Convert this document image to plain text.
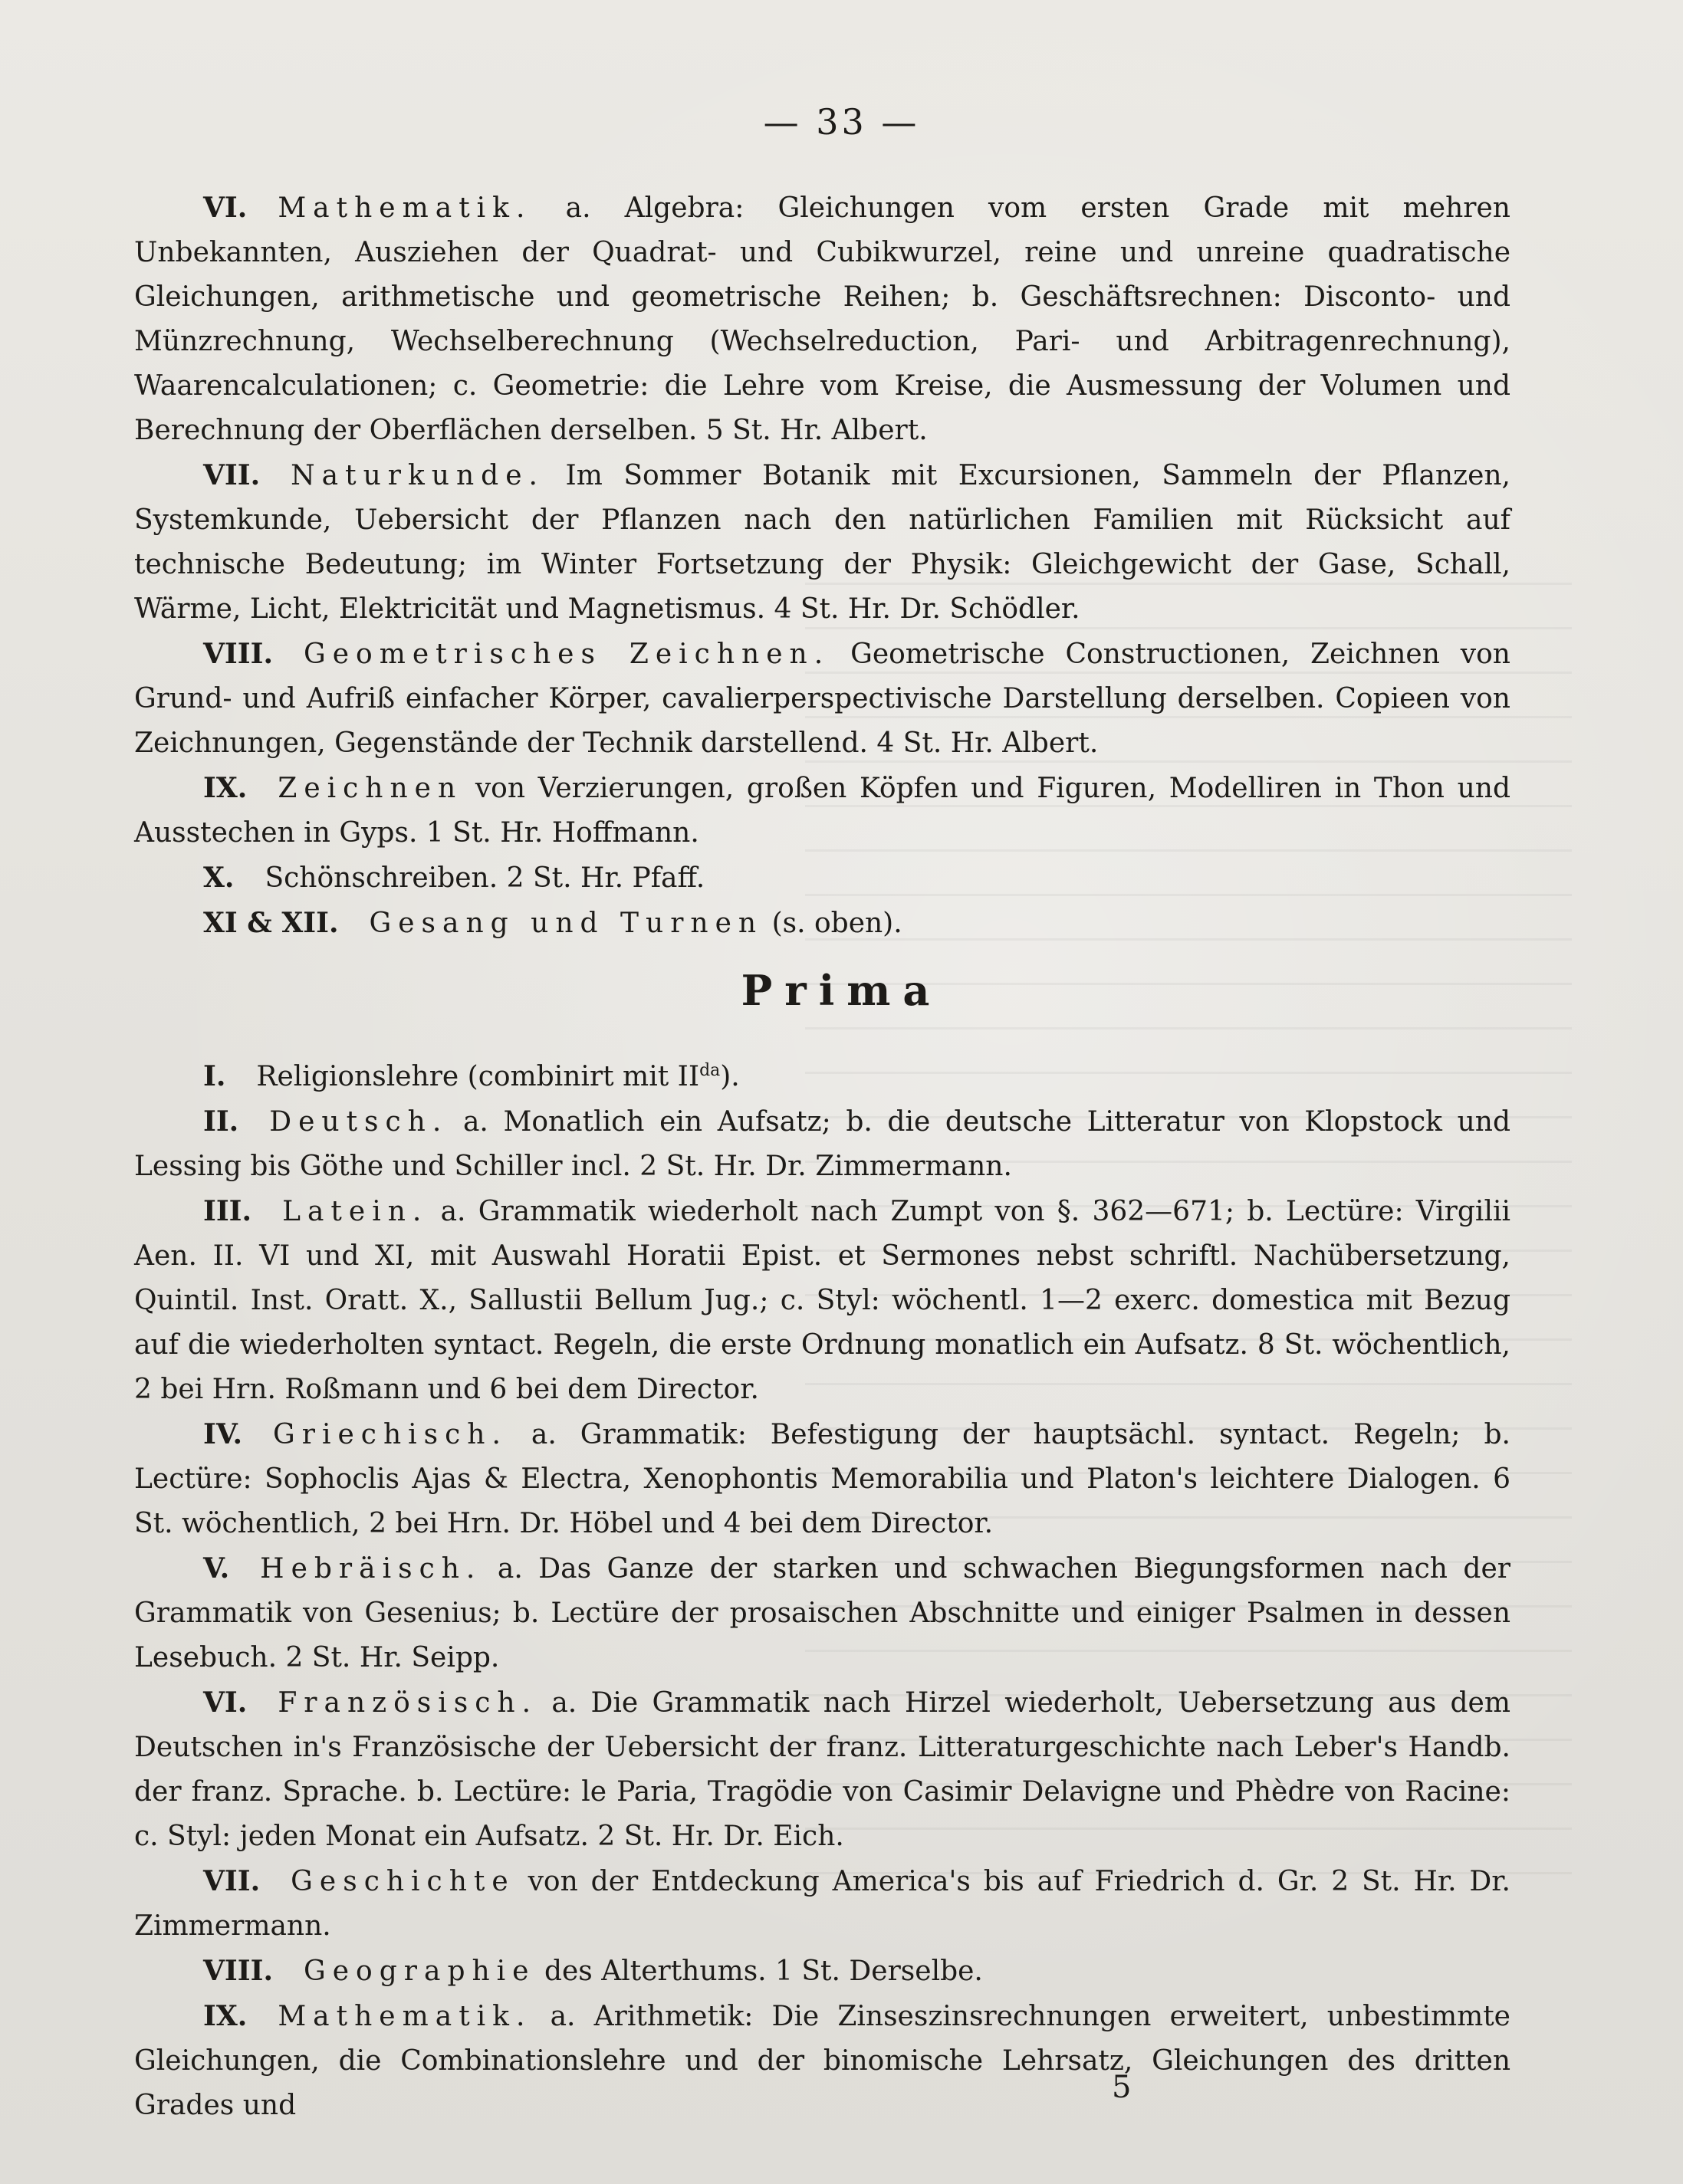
— 33 —

VI. Mathematik. a. Algebra: Gleichungen vom ersten Grade mit mehren Unbekannten, Ausziehen der Quadrat- und Cubikwurzel, reine und unreine quadratische Gleichungen, arithmetische und geometrische Reihen; b. Geschäftsrechnen: Disconto- und Münzrechnung, Wechselberechnung (Wechselreduction, Pari- und Arbitragenrechnung), Waarencalculationen; c. Geometrie: die Lehre vom Kreise, die Ausmessung der Volumen und Berechnung der Oberflächen derselben. 5 St. Hr. Albert.

VII. Naturkunde. Im Sommer Botanik mit Excursionen, Sammeln der Pflanzen, Systemkunde, Uebersicht der Pflanzen nach den natürlichen Familien mit Rücksicht auf technische Bedeutung; im Winter Fortsetzung der Physik: Gleichgewicht der Gase, Schall, Wärme, Licht, Elektricität und Magnetismus. 4 St. Hr. Dr. Schödler.

VIII. Geometrisches Zeichnen. Geometrische Constructionen, Zeichnen von Grund- und Aufriß einfacher Körper, cavalierperspectivische Darstellung derselben. Copieen von Zeichnungen, Gegenstände der Technik darstellend. 4 St. Hr. Albert.

IX. Zeichnen von Verzierungen, großen Köpfen und Figuren, Modelliren in Thon und Ausstechen in Gyps. 1 St. Hr. Hoffmann.

X. Schönschreiben. 2 St. Hr. Pfaff.

XI & XII. Gesang und Turnen (s. oben).

Prima

I. Religionslehre (combinirt mit $II^{da}$).

II. Deutsch. a. Monatlich ein Aufsatz; b. die deutsche Litteratur von Klopstock und Lessing bis Göthe und Schiller incl. 2 St. Hr. Dr. Zimmermann.

III. Latein. a. Grammatik wiederholt nach Zumpt von §. 362—671; b. Lectüre: Virgilii Aen. II. VI und XI, mit Auswahl Horatii Epist. et Sermones nebst schriftl. Nachübersetzung, Quintil. Inst. Oratt. X., Sallustii Bellum Jug.; c. Styl: wöchentl. 1—2 exerc. domestica mit Bezug auf die wiederholten syntact. Regeln, die erste Ordnung monatlich ein Aufsatz. 8 St. wöchentlich, 2 bei Hrn. Roßmann und 6 bei dem Director.

IV. Griechisch. a. Grammatik: Befestigung der hauptsächl. syntact. Regeln; b. Lectüre: Sophoclis Ajas & Electra, Xenophontis Memorabilia und Platon's leichtere Dialogen. 6 St. wöchentlich, 2 bei Hrn. Dr. Höbel und 4 bei dem Director.

V. Hebräisch. a. Das Ganze der starken und schwachen Biegungsformen nach der Grammatik von Gesenius; b. Lectüre der prosaischen Abschnitte und einiger Psalmen in dessen Lesebuch. 2 St. Hr. Seipp.

VI. Französisch. a. Die Grammatik nach Hirzel wiederholt, Uebersetzung aus dem Deutschen in's Französische der Uebersicht der franz. Litteraturgeschichte nach Leber's Handb. der franz. Sprache. b. Lectüre: le Paria, Tragödie von Casimir Delavigne und Phèdre von Racine: c. Styl: jeden Monat ein Aufsatz. 2 St. Hr. Dr. Eich.

VII. Geschichte von der Entdeckung America's bis auf Friedrich d. Gr. 2 St. Hr. Dr. Zimmermann.

VIII. Geographie des Alterthums. 1 St. Derselbe.

IX. Mathematik. a. Arithmetik: Die Zinseszinsrechnungen erweitert, unbestimmte Gleichungen, die Combinationslehre und der binomische Lehrsatz, Gleichungen des dritten Grades und

5
